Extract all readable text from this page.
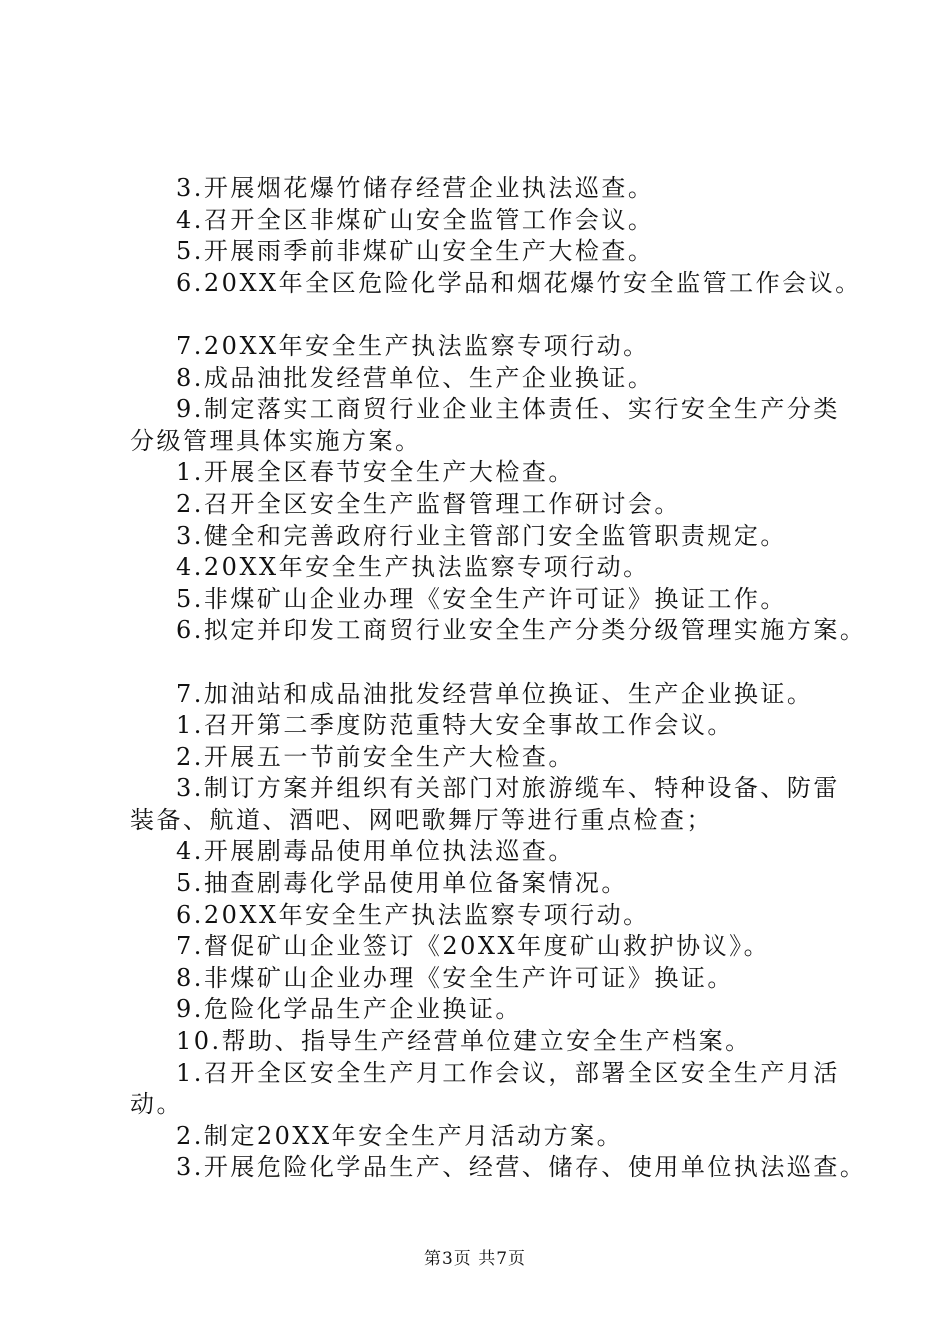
3.开展烟花爆竹储存经营企业执法巡查。
4.召开全区非煤矿山安全监管工作会议。
5.开展雨季前非煤矿山安全生产大检查。
6.20XX年全区危险化学品和烟花爆竹安全监管工作会议。
7.20XX年安全生产执法监察专项行动。
8.成品油批发经营单位、生产企业换证。
9.制定落实工商贸行业企业主体责任、实行安全生产分类
分级管理具体实施方案。
1.开展全区春节安全生产大检查。
2.召开全区安全生产监督管理工作研讨会。
3.健全和完善政府行业主管部门安全监管职责规定。
4.20XX年安全生产执法监察专项行动。
5.非煤矿山企业办理《安全生产许可证》换证工作。
6.拟定并印发工商贸行业安全生产分类分级管理实施方案。
7.加油站和成品油批发经营单位换证、生产企业换证。
1.召开第二季度防范重特大安全事故工作会议。
2.开展五一节前安全生产大检查。
3.制订方案并组织有关部门对旅游缆车、特种设备、防雷
装备、航道、酒吧、网吧歌舞厅等进行重点检查；
4.开展剧毒品使用单位执法巡查。
5.抽查剧毒化学品使用单位备案情况。
6.20XX年安全生产执法监察专项行动。
7.督促矿山企业签订《20XX年度矿山救护协议》。
8.非煤矿山企业办理《安全生产许可证》换证。
9.危险化学品生产企业换证。
10.帮助、指导生产经营单位建立安全生产档案。
1.召开全区安全生产月工作会议，部署全区安全生产月活
动。
2.制定20XX年安全生产月活动方案。
3.开展危险化学品生产、经营、储存、使用单位执法巡查。
第3页 共7页
